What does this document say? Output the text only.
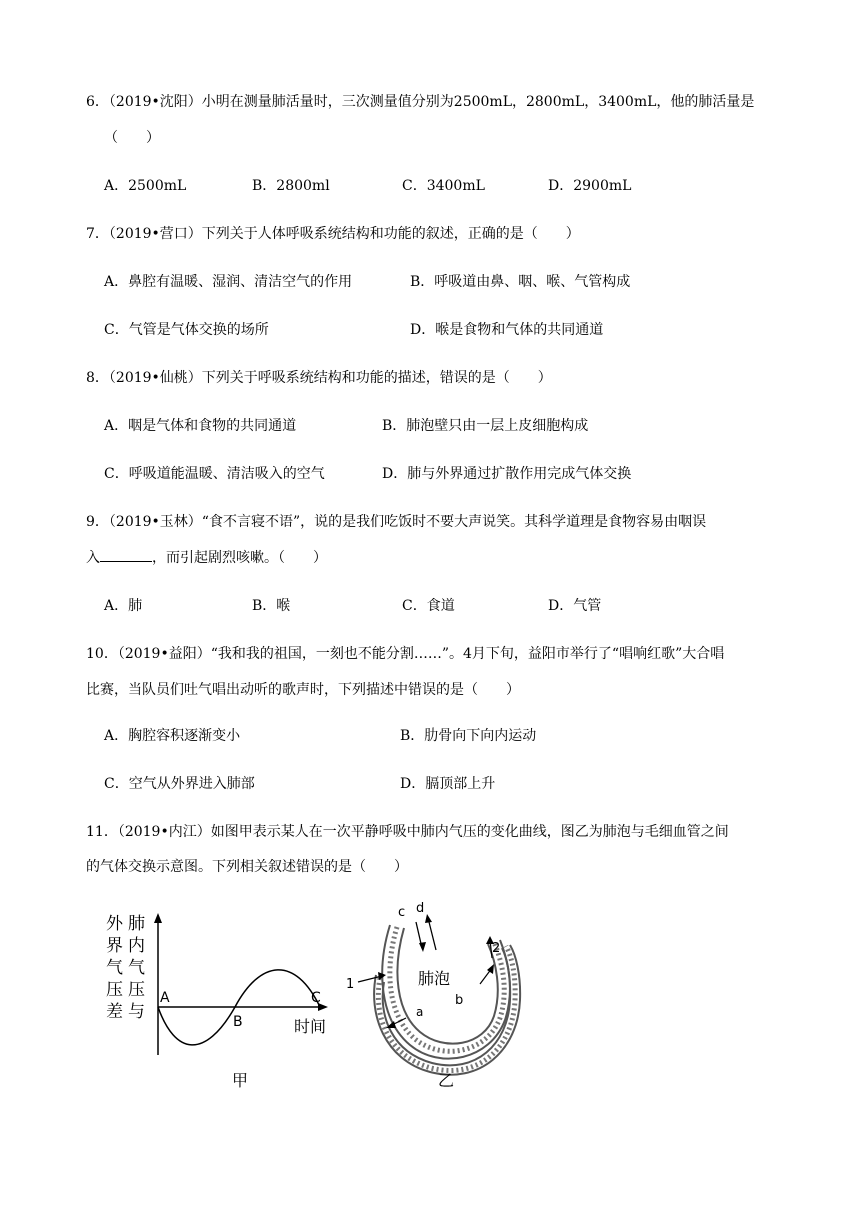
6．（2019•沈阳）小明在测量肺活量时，三次测量值分别为2500mL，2800mL，3400mL，他的肺活量是
（　　）
A．2500mL	B．2800ml	C．3400mL	D．2900mL
7．（2019•营口）下列关于人体呼吸系统结构和功能的叙述，正确的是（　　）
A．鼻腔有温暖、湿润、清洁空气的作用	B．呼吸道由鼻、咽、喉、气管构成
C．气管是气体交换的场所	D．喉是食物和气体的共同通道
8．（2019•仙桃）下列关于呼吸系统结构和功能的描述，错误的是（　　）
A．咽是气体和食物的共同通道	B．肺泡壁只由一层上皮细胞构成
C．呼吸道能温暖、清洁吸入的空气	D．肺与外界通过扩散作用完成气体交换
9．（2019•玉林）“食不言寝不语”，说的是我们吃饭时不要大声说笑。其科学道理是食物容易由咽误
入	，而引起剧烈咳嗽。（　　）
A．肺	B．喉	C．食道	D．气管
10．（2019•益阳）“我和我的祖国，一刻也不能分割……”。4月下旬，益阳市举行了“唱响红歌”大合唱
比赛，当队员们吐气唱出动听的歌声时，下列描述中错误的是（　　）
A．胸腔容积逐渐变小	B．肋骨向下向内运动
C．空气从外界进入肺部	D．膈顶部上升
11．（2019•内江）如图甲表示某人在一次平静呼吸中肺内气压的变化曲线，图乙为肺泡与毛细血管之间
的气体交换示意图。下列相关叙述错误的是（　　）
外
界
气
压
差
肺
内
气
压
与
A
B
C
时间
甲
c d
1
2
a
b
肺泡
乙
